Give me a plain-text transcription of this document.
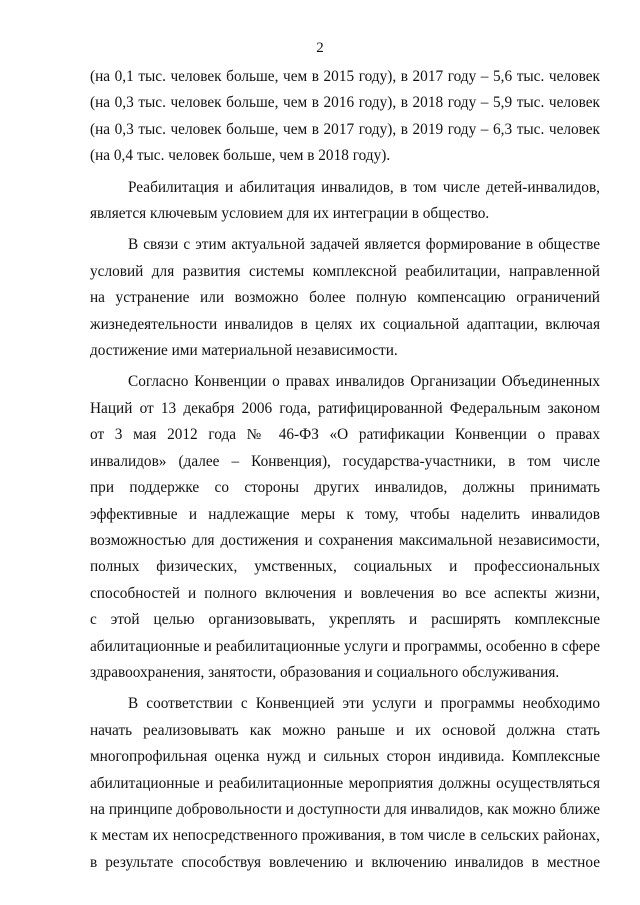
2
(на 0,1 тыс. человек больше, чем в 2015 году), в 2017 году – 5,6 тыс. человек
(на 0,3 тыс. человек больше, чем в 2016 году), в 2018 году – 5,9 тыс. человек
(на 0,3 тыс. человек больше, чем в 2017 году), в 2019 году – 6,3 тыс. человек
(на 0,4 тыс. человек больше, чем в 2018 году).
Реабилитация и абилитация инвалидов, в том числе детей-инвалидов,
является ключевым условием для их интеграции в общество.
В связи с этим актуальной задачей является формирование в обществе
условий для развития системы комплексной реабилитации, направленной
на устранение или возможно более полную компенсацию ограничений
жизнедеятельности инвалидов в целях их социальной адаптации, включая
достижение ими материальной независимости.
Согласно Конвенции о правах инвалидов Организации Объединенных
Наций от 13 декабря 2006 года, ратифицированной Федеральным законом
от 3 мая 2012 года № 46-ФЗ «О ратификации Конвенции о правах
инвалидов» (далее – Конвенция), государства-участники, в том числе
при поддержке со стороны других инвалидов, должны принимать
эффективные и надлежащие меры к тому, чтобы наделить инвалидов
возможностью для достижения и сохранения максимальной независимости,
полных физических, умственных, социальных и профессиональных
способностей и полного включения и вовлечения во все аспекты жизни,
с этой целью организовывать, укреплять и расширять комплексные
абилитационные и реабилитационные услуги и программы, особенно в сфере
здравоохранения, занятости, образования и социального обслуживания.
В соответствии с Конвенцией эти услуги и программы необходимо
начать реализовывать как можно раньше и их основой должна стать
многопрофильная оценка нужд и сильных сторон индивида. Комплексные
абилитационные и реабилитационные мероприятия должны осуществляться
на принципе добровольности и доступности для инвалидов, как можно ближе
к местам их непосредственного проживания, в том числе в сельских районах,
в результате способствуя вовлечению и включению инвалидов в местное
